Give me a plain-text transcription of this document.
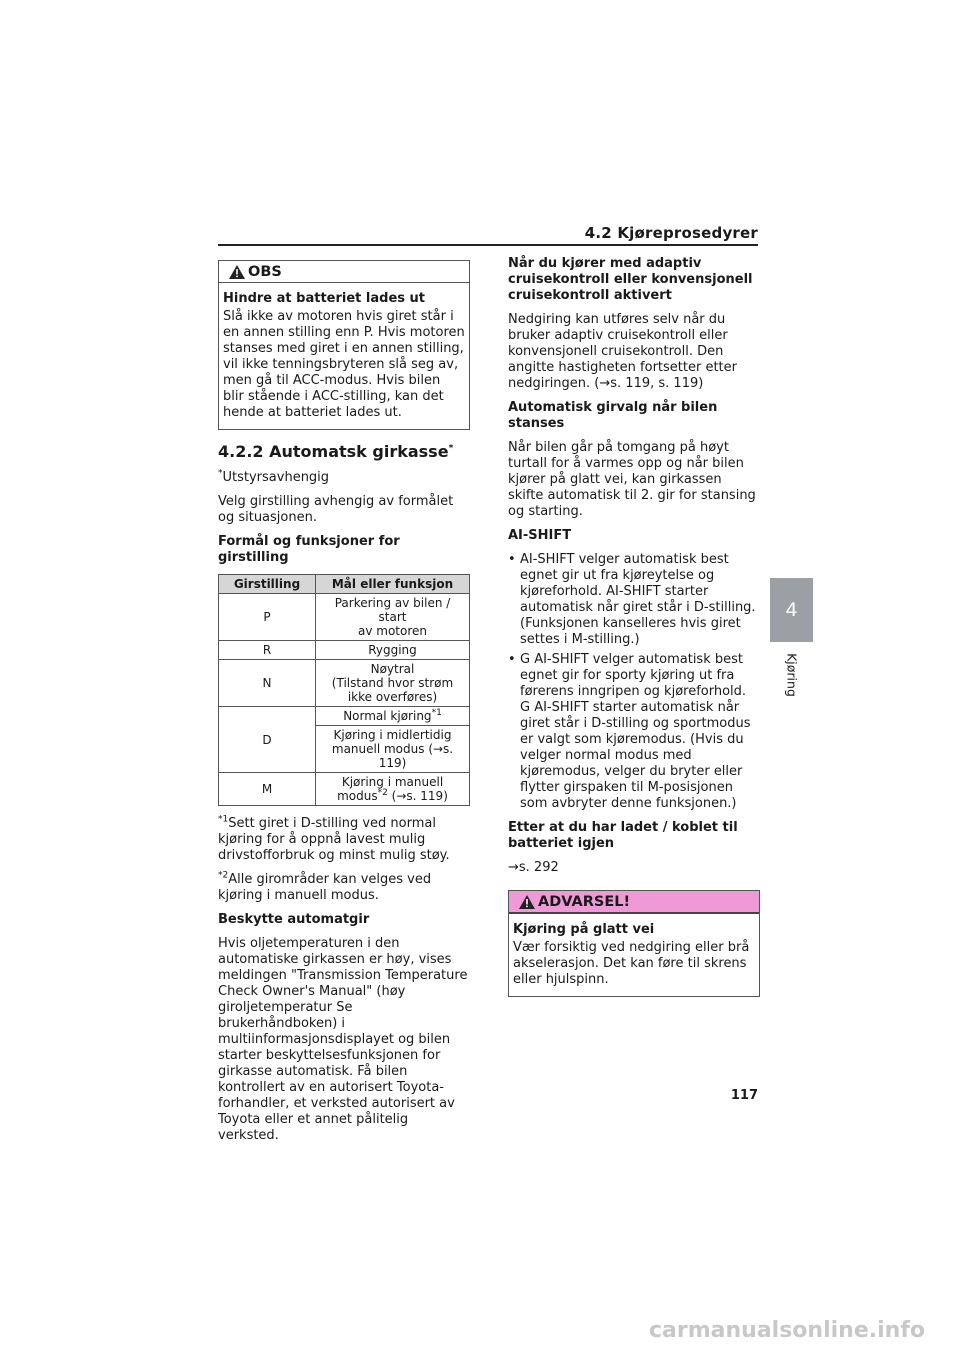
4.2 Kjøreprosedyrer
4
Kjøring
OBS

Hindre at batteriet lades ut

Slå ikke av motoren hvis giret står i en annen stilling enn P. Hvis motoren stanses med giret i en annen stilling, vil ikke tenningsbryteren slå seg av, men gå til ACC-modus. Hvis bilen blir stående i ACC-stilling, kan det hende at batteriet lades ut.

4.2.2 Automatsk girkasse*

*Utstyrsavhengig

Velg girstilling avhengig av formålet og situasjonen.

Formål og funksjoner for girstilling

Girstilling	Mål eller funksjon
P	Parkering av bilen / start
av motoren
R	Rygging
N	Nøytral
(Tilstand hvor strøm
ikke overføres)
D	Normal kjøring$^{*1}$
	Kjøring i midlertidig
manuell modus (→s. 119)
M	Kjøring i manuell
modus$^{*2}$ (→s. 119)

$^{*1}$Sett giret i D-stilling ved normal kjøring for å oppnå lavest mulig drivstofforbruk og minst mulig støy.

$^{*2}$Alle girområder kan velges ved kjøring i manuell modus.

Beskytte automatgir

Hvis oljetemperaturen i den automatiske girkassen er høy, vises meldingen "Transmission Temperature Check Owner's Manual" (høy giroljetemperatur Se brukerhåndboken) i multiinformasjonsdisplayet og bilen starter beskyttelsesfunksjonen for girkasse automatisk. Få bilen kontrollert av en autorisert Toyota-forhandler, et verksted autorisert av Toyota eller et annet pålitelig verksted.

Når du kjører med adaptiv cruisekontroll eller konvensjonell cruisekontroll aktivert

Nedgiring kan utføres selv når du bruker adaptiv cruisekontroll eller konvensjonell cruisekontroll. Den angitte hastigheten fortsetter etter nedgiringen. (→s. 119, s. 119)

Automatisk girvalg når bilen stanses

Når bilen går på tomgang på høyt turtall for å varmes opp og når bilen kjører på glatt vei, kan girkassen skifte automatisk til 2. gir for stansing og starting.

AI-SHIFT

• AI-SHIFT velger automatisk best egnet gir ut fra kjøreytelse og kjøreforhold. AI-SHIFT starter automatisk når giret står i D-stilling. (Funksjonen kanselleres hvis giret settes i M-stilling.)
• G AI-SHIFT velger automatisk best egnet gir for sporty kjøring ut fra førerens inngripen og kjøreforhold. G AI-SHIFT starter automatisk når giret står i D-stilling og sportmodus er valgt som kjøremodus. (Hvis du velger normal modus med kjøremodus, velger du bryter eller flytter girspaken til M-posisjonen som avbryter denne funksjonen.)

Etter at du har ladet / koblet til batteriet igjen

→s. 292

ADVARSEL!

Kjøring på glatt vei

Vær forsiktig ved nedgiring eller brå akselerasjon. Det kan føre til skrens eller hjulspinn.

117
carmanualsonline.info
